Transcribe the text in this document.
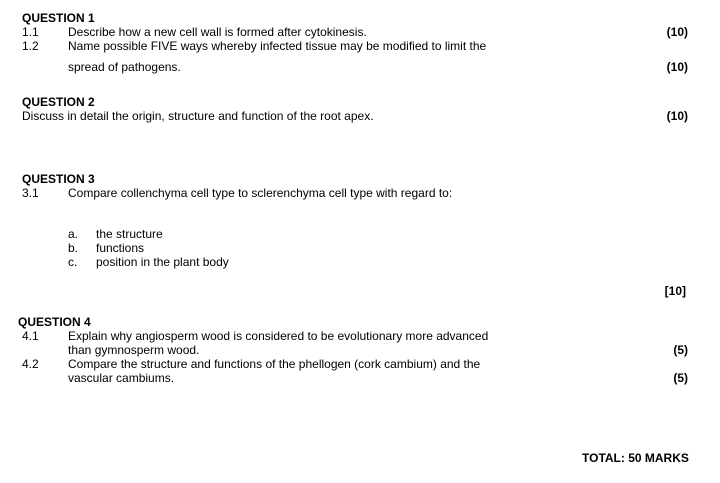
QUESTION 1
1.1 Describe how a new cell wall is formed after cytokinesis.	(10)
1.2 Name possible FIVE ways whereby infected tissue may be modified to limit the
spread of pathogens.	(10)
QUESTION 2
Discuss in detail the origin, structure and function of the root apex.	(10)
QUESTION 3
3.1 Compare collenchyma cell type to sclerenchyma cell type with regard to:
a. the structure
b. functions
c. position in the plant body
[10]
QUESTION 4
4.1 Explain why angiosperm wood is considered to be evolutionary more advanced
than gymnosperm wood.	(5)
4.2 Compare the structure and functions of the phellogen (cork cambium) and the
vascular cambiums.	(5)
TOTAL: 50 MARKS
